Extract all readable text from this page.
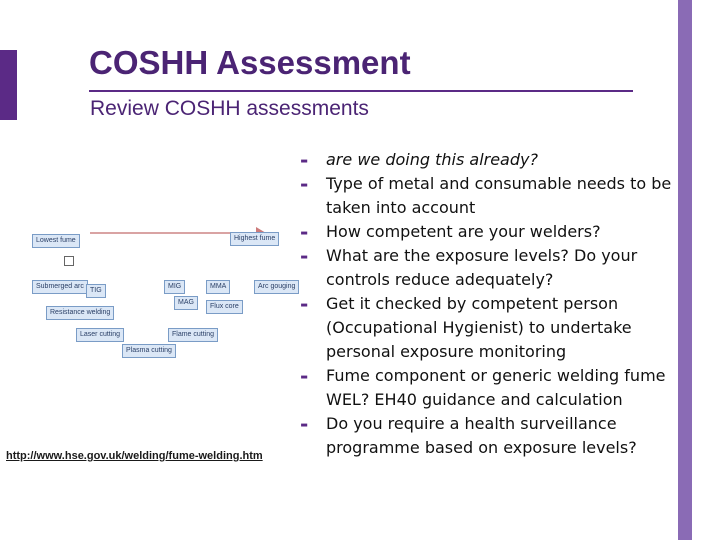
COSHH Assessment
Review COSHH assessments
Lowest fume	Highest fume
Submerged arc
TIG
MIG	MMA	Arc gouging
MAG
Flux core
Resistance welding
Laser cutting	Flame cutting
Plasma cutting
http://www.hse.gov.uk/welding/fume-welding.htm
- are we doing this already?
- Type of metal and consumable needs to be taken into account
- How competent are your welders?
- What are the exposure levels? Do your controls reduce adequately?
- Get it checked by competent person (Occupational Hygienist) to undertake personal exposure monitoring
- Fume component or generic welding fume WEL? EH40 guidance and calculation
- Do you require a health surveillance programme based on exposure levels?
